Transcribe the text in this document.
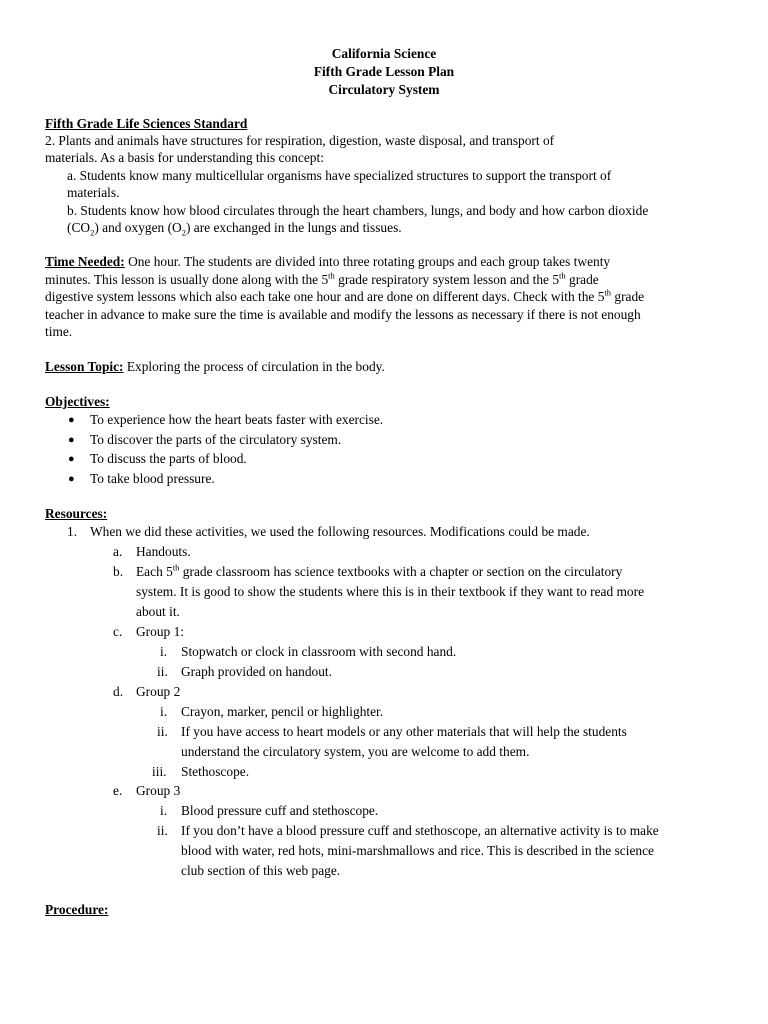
California Science
Fifth Grade Lesson Plan
Circulatory System
Fifth Grade Life Sciences Standard
2. Plants and animals have structures for respiration, digestion, waste disposal, and transport of
materials. As a basis for understanding this concept:
a. Students know many multicellular organisms have specialized structures to support the transport of
materials.
b. Students know how blood circulates through the heart chambers, lungs, and body and how carbon dioxide
$(CO_2)$ and oxygen $(O_2)$ are exchanged in the lungs and tissues.
Time Needed: One hour. The students are divided into three rotating groups and each group takes twenty
minutes. This lesson is usually done along with the 5th grade respiratory system lesson and the 5th grade
digestive system lessons which also each take one hour and are done on different days. Check with the 5th grade
teacher in advance to make sure the time is available and modify the lessons as necessary if there is not enough
time.
Lesson Topic: Exploring the process of circulation in the body.
Objectives:
● To experience how the heart beats faster with exercise.
● To discover the parts of the circulatory system.
● To discuss the parts of blood.
● To take blood pressure.
Resources:
1. When we did these activities, we used the following resources. Modifications could be made.
a. Handouts.
b. Each 5th grade classroom has science textbooks with a chapter or section on the circulatory
system. It is good to show the students where this is in their textbook if they want to read more
about it.
c. Group 1:
i. Stopwatch or clock in classroom with second hand.
ii. Graph provided on handout.
d. Group 2
i. Crayon, marker, pencil or highlighter.
ii. If you have access to heart models or any other materials that will help the students
understand the circulatory system, you are welcome to add them.
iii. Stethoscope.
e. Group 3
i. Blood pressure cuff and stethoscope.
ii. If you don’t have a blood pressure cuff and stethoscope, an alternative activity is to make
blood with water, red hots, mini-marshmallows and rice. This is described in the science
club section of this web page.
Procedure:
